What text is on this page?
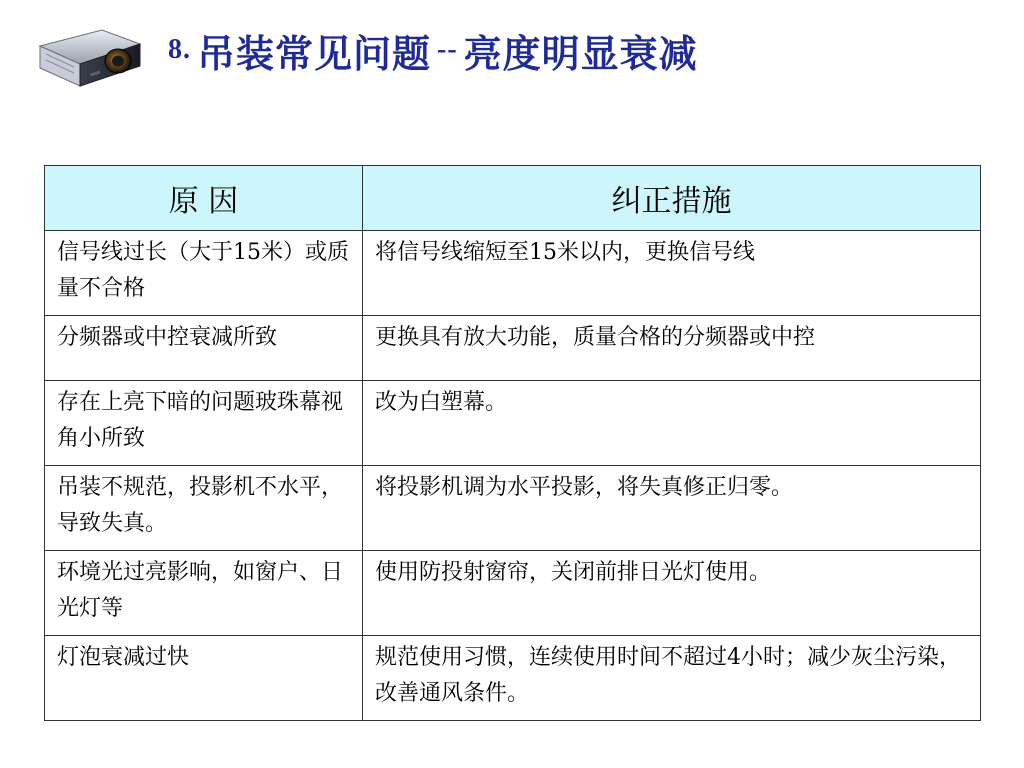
8. 吊装常见问题 -- 亮度明显衰减
原 因	纠正措施
信号线过长（大于15米）或质量不合格	将信号线缩短至15米以内，更换信号线
分频器或中控衰减所致	更换具有放大功能，质量合格的分频器或中控
存在上亮下暗的问题玻珠幕视角小所致	改为白塑幕。
吊装不规范，投影机不水平，导致失真。	将投影机调为水平投影，将失真修正归零。
环境光过亮影响，如窗户、日光灯等	使用防投射窗帘，关闭前排日光灯使用。
灯泡衰减过快	规范使用习惯，连续使用时间不超过4小时；减少灰尘污染，改善通风条件。
